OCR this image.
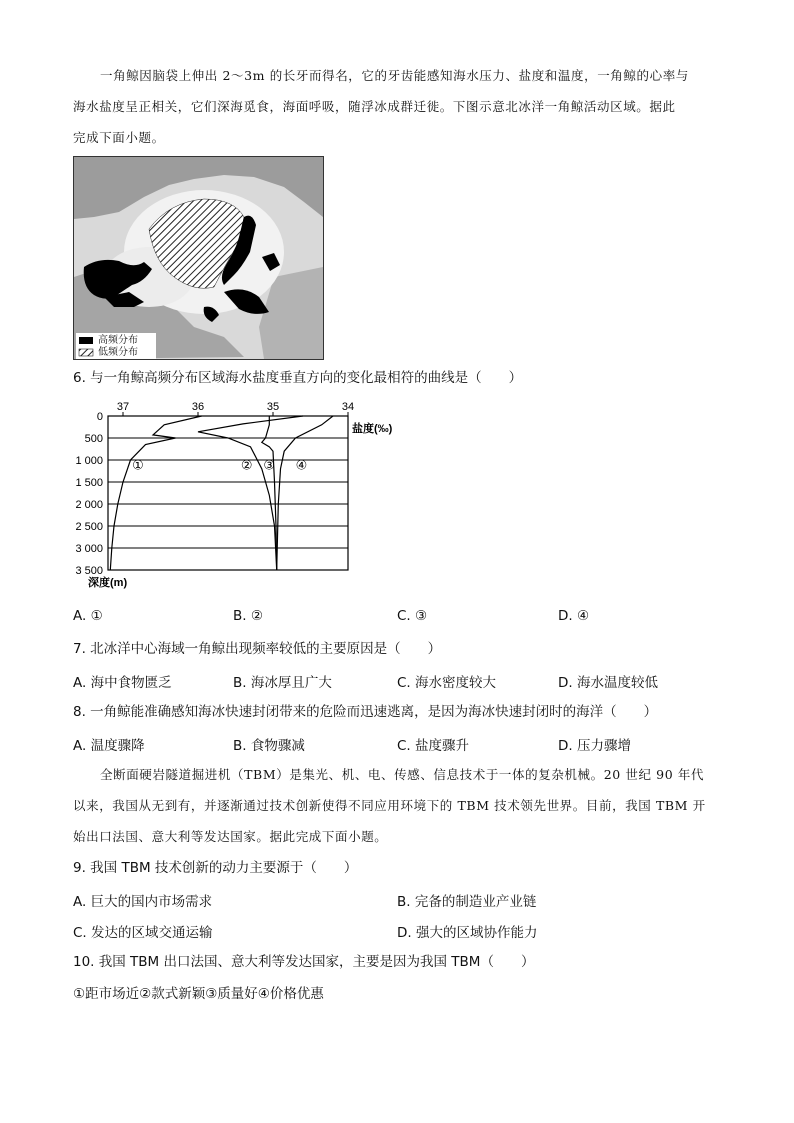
一角鲸因脑袋上伸出 2～3m 的长牙而得名，它的牙齿能感知海水压力、盐度和温度，一角鲸的心率与
海水盐度呈正相关，它们深海觅食，海面呼吸，随浮冰成群迁徙。下图示意北冰洋一角鲸活动区域。据此
完成下面小题。
高频分布
低频分布
6. 与一角鲸高频分布区域海水盐度垂直方向的变化最相符的曲线是（　　）
0
500
1 000
1 500
2 000
2 500
3 000
3 500
37	36	35	34
盐度(‰)
深度(m)
①	② ③ ④
A. ①	B. ②	C. ③	D. ④
7. 北冰洋中心海域一角鲸出现频率较低的主要原因是（　　）
A. 海中食物匮乏	B. 海冰厚且广大	C. 海水密度较大	D. 海水温度较低
8. 一角鲸能准确感知海冰快速封闭带来的危险而迅速逃离，是因为海冰快速封闭时的海洋（　　）
A. 温度骤降	B. 食物骤减	C. 盐度骤升	D. 压力骤增
全断面硬岩隧道掘进机（TBM）是集光、机、电、传感、信息技术于一体的复杂机械。20 世纪 90 年代
以来，我国从无到有，并逐渐通过技术创新使得不同应用环境下的 TBM 技术领先世界。目前，我国 TBM 开
始出口法国、意大利等发达国家。据此完成下面小题。
9. 我国 TBM 技术创新的动力主要源于（　　）
A. 巨大的国内市场需求	B. 完备的制造业产业链
C. 发达的区域交通运输	D. 强大的区域协作能力
10. 我国 TBM 出口法国、意大利等发达国家，主要是因为我国 TBM（　　）
①距市场近②款式新颖③质量好④价格优惠
